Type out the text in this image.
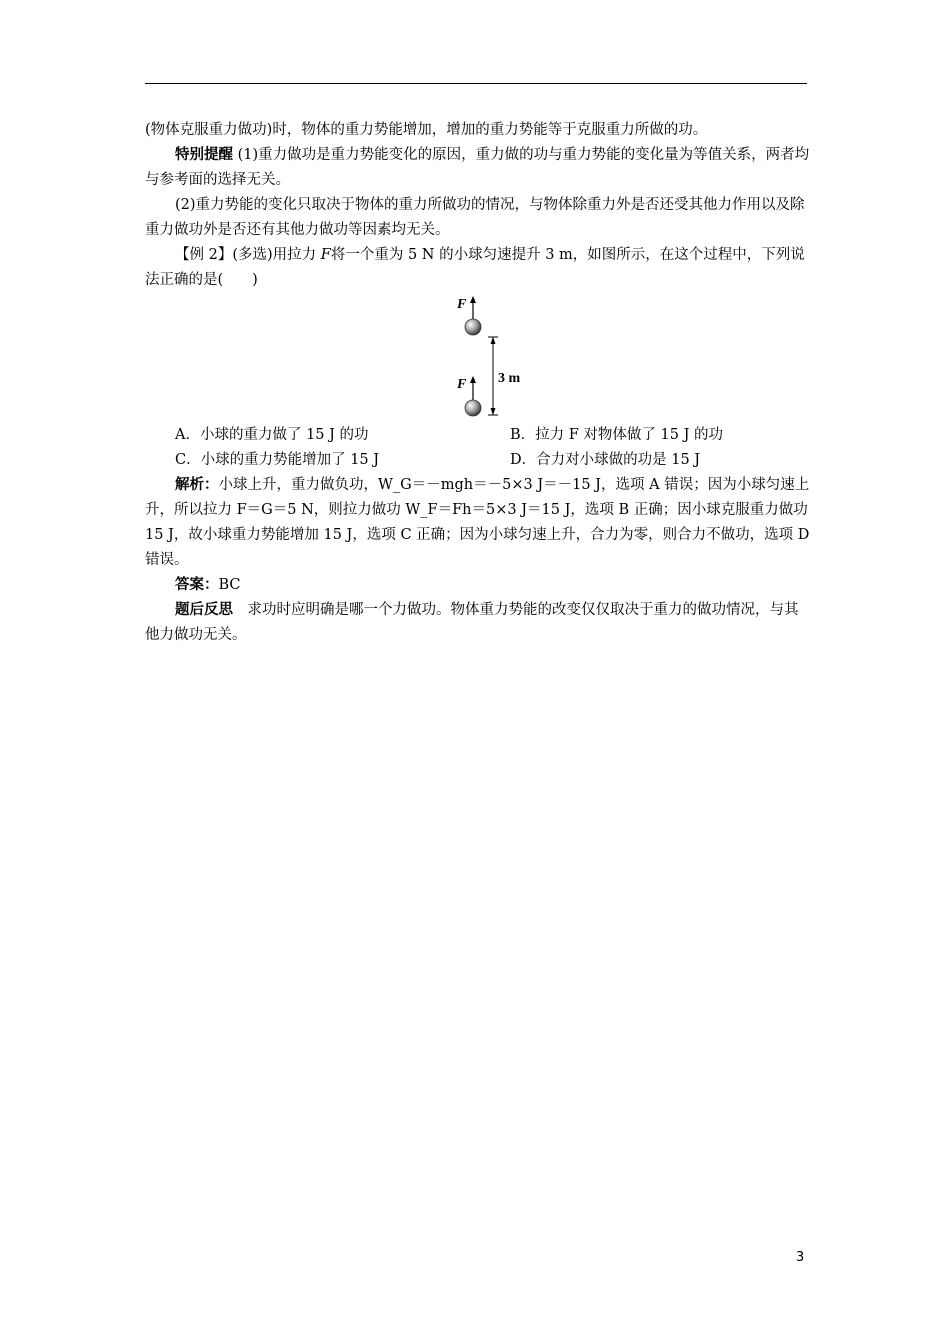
(物体克服重力做功)时，物体的重力势能增加，增加的重力势能等于克服重力所做的功。

特别提醒 (1)重力做功是重力势能变化的原因，重力做的功与重力势能的变化量为等值关系，两者均与参考面的选择无关。

(2)重力势能的变化只取决于物体的重力所做功的情况，与物体除重力外是否还受其他力作用以及除重力做功外是否还有其他力做功等因素均无关。

【例 2】(多选)用拉力 F将一个重为 5 N 的小球匀速提升 3 m，如图所示，在这个过程中，下列说法正确的是(　　)

F
F 3 m
A．小球的重力做了 15 J 的功	B．拉力 F 对物体做了 15 J 的功
C．小球的重力势能增加了 15 J	D．合力对小球做的功是 15 J

解析：小球上升，重力做负功，W_G＝－mgh＝－5×3 J＝－15 J，选项 A 错误；因为小球匀速上升，所以拉力 F＝G＝5 N，则拉力做功 W_F＝Fh＝5×3 J＝15 J，选项 B 正确；因小球克服重力做功 15 J，故小球重力势能增加 15 J，选项 C 正确；因为小球匀速上升，合力为零，则合力不做功，选项 D 错误。

答案：BC

题后反思　求功时应明确是哪一个力做功。物体重力势能的改变仅仅取决于重力的做功情况，与其他力做功无关。

3
